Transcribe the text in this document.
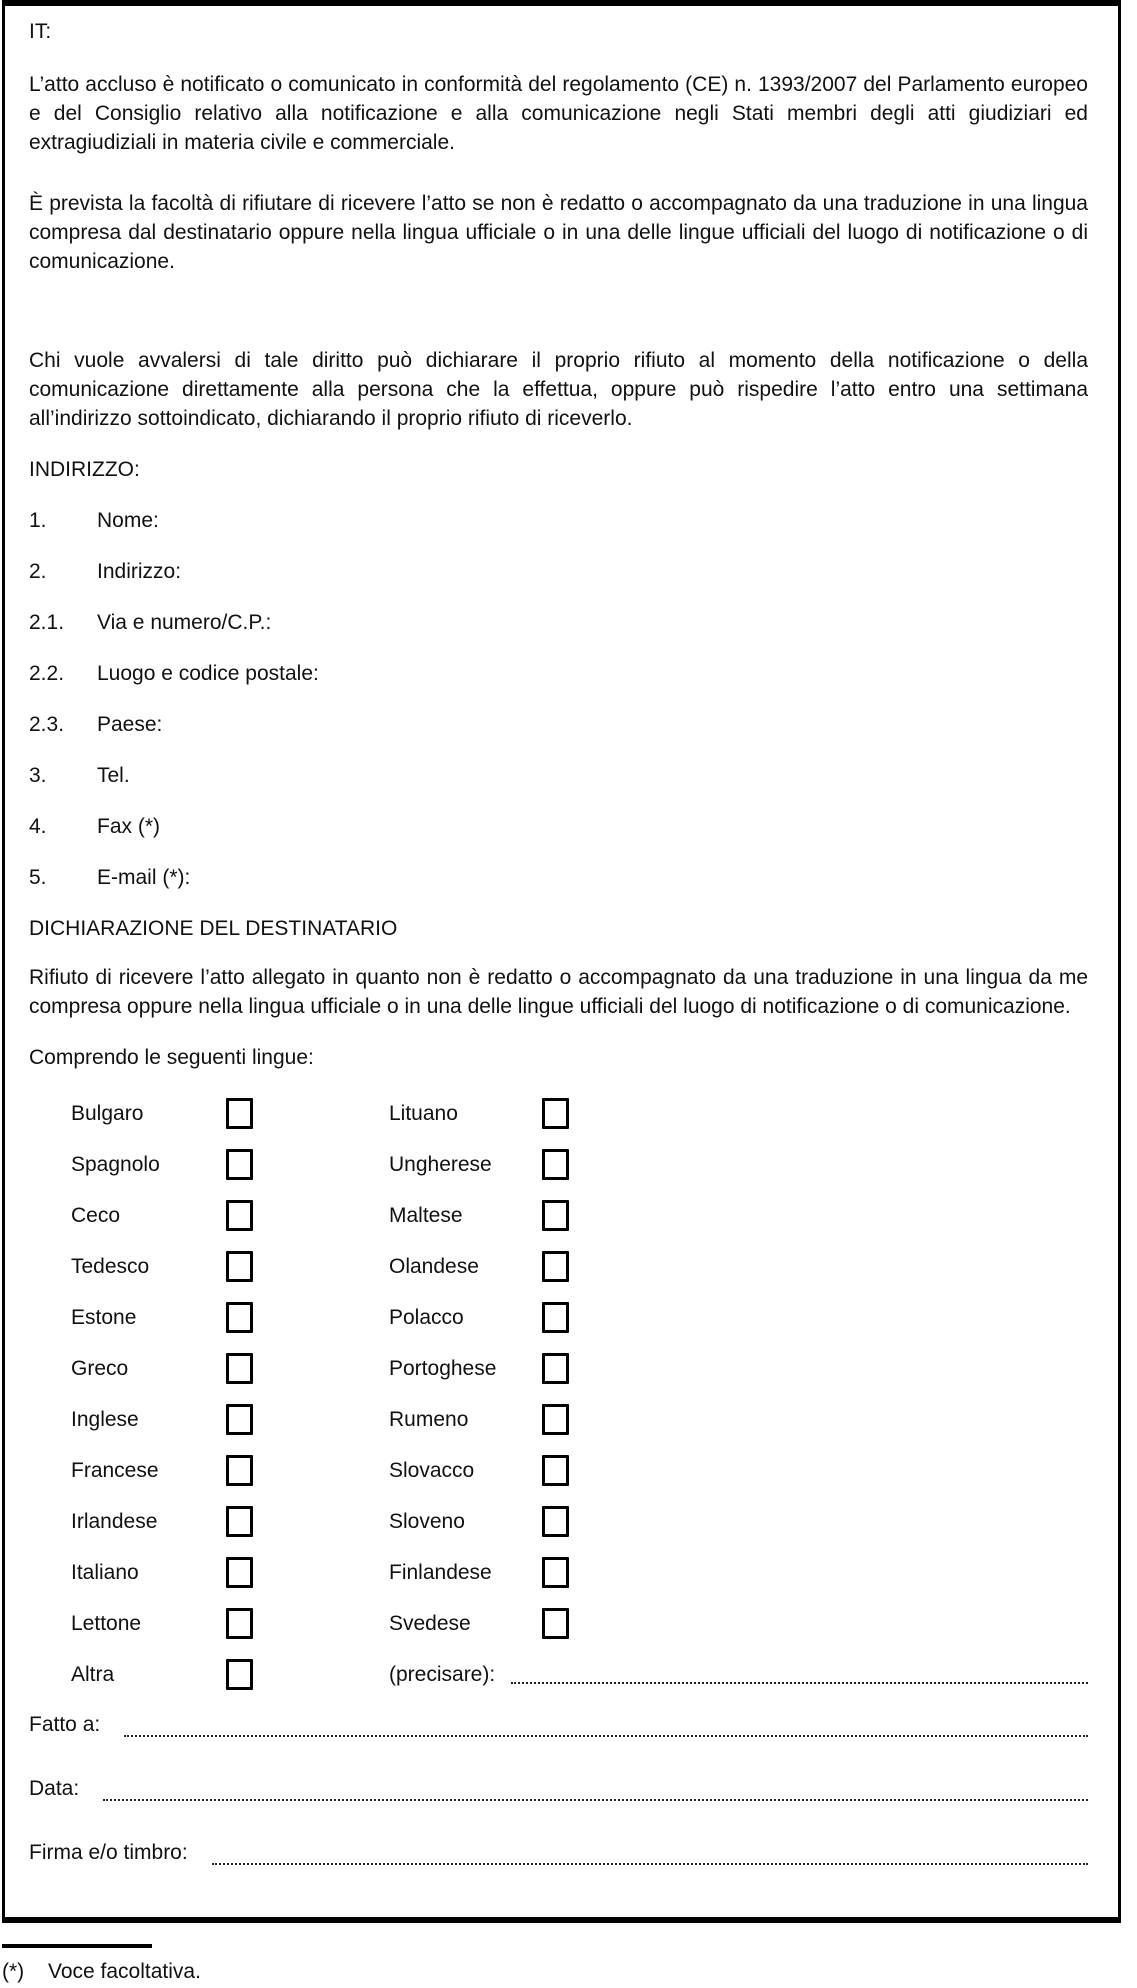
IT:

L’atto accluso è notificato o comunicato in conformità del regolamento (CE) n. 1393/2007 del Parlamento europeo e del Consiglio relativo alla notificazione e alla comunicazione negli Stati membri degli atti giudiziari ed extragiudiziali in materia civile e commerciale.

È prevista la facoltà di rifiutare di ricevere l’atto se non è redatto o accompagnato da una traduzione in una lingua compresa dal destinatario oppure nella lingua ufficiale o in una delle lingue ufficiali del luogo di notificazione o di comunicazione.

Chi vuole avvalersi di tale diritto può dichiarare il proprio rifiuto al momento della notificazione o della comunicazione direttamente alla persona che la effettua, oppure può rispedire l’atto entro una settimana all’indirizzo sottoindicato, dichiarando il proprio rifiuto di riceverlo.

INDIRIZZO:
1.	Nome:
2.	Indirizzo:
2.1.	Via e numero/C.P.:
2.2.	Luogo e codice postale:
2.3.	Paese:
3.	Tel.
4.	Fax (*)
5.	E-mail (*):
DICHIARAZIONE DEL DESTINATARIO

Rifiuto di ricevere l’atto allegato in quanto non è redatto o accompagnato da una traduzione in una lingua da me compresa oppure nella lingua ufficiale o in una delle lingue ufficiali del luogo di notificazione o di comunicazione.

Comprendo le seguenti lingue:
Bulgaro	Lituano
Spagnolo	Ungherese
Ceco	Maltese
Tedesco	Olandese
Estone	Polacco
Greco	Portoghese
Inglese	Rumeno
Francese	Slovacco
Irlandese	Sloveno
Italiano	Finlandese
Lettone	Svedese
Altra	(precisare):
Fatto a:
Data:
Firma e/o timbro:
(*)	Voce facoltativa.
